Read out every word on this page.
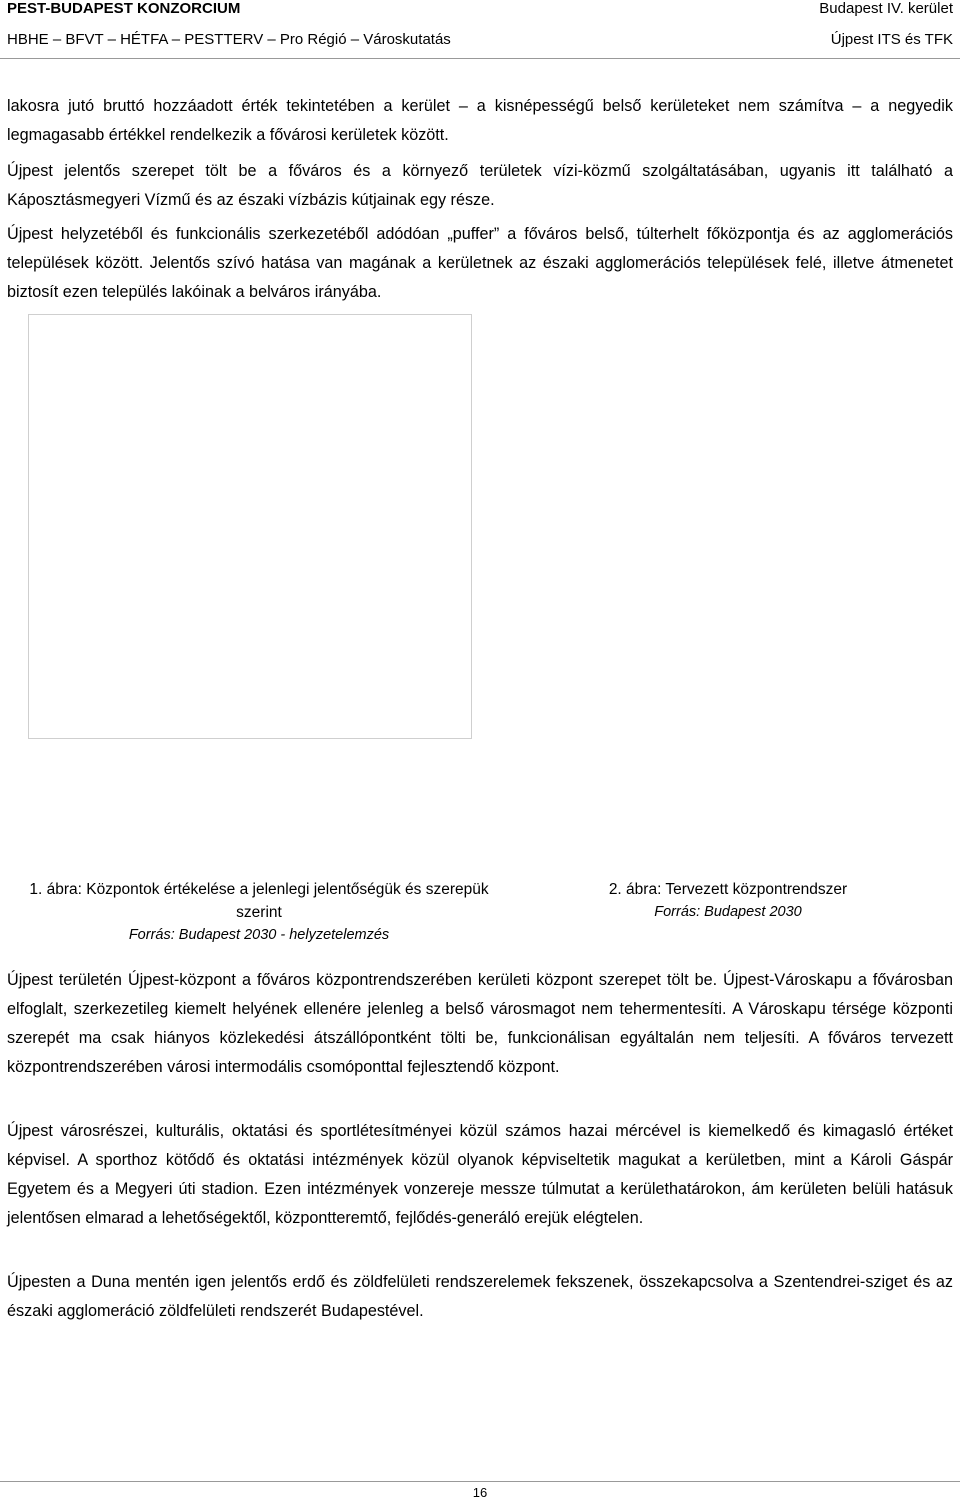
PEST-BUDAPEST KONZORCIUM
HBHE – BFVT – HÉTFA – PESTTERV – Pro Régió – Városkutatás
Budapest IV. kerület
Újpest ITS és TFK

lakosra jutó bruttó hozzáadott érték tekintetében a kerület – a kisnépességű belső kerületeket nem számítva – a negyedik legmagasabb értékkel rendelkezik a fővárosi kerületek között.

Újpest jelentős szerepet tölt be a főváros és a környező területek vízi-közmű szolgáltatásában, ugyanis itt található a Káposztásmegyeri Vízmű és az északi vízbázis kútjainak egy része.

Újpest helyzetéből és funkcionális szerkezetéből adódóan „puffer” a főváros belső, túlterhelt főközpontja és az agglomerációs települések között. Jelentős szívó hatása van magának a kerületnek az északi agglomerációs települések felé, illetve átmenetet biztosít ezen település lakóinak a belváros irányába.

1. ábra: Központok értékelése a jelenlegi jelentőségük és szerepük szerint
Forrás: Budapest 2030 - helyzetelemzés
2. ábra: Tervezett központrendszer
Forrás: Budapest 2030

Újpest területén Újpest-központ a főváros központrendszerében kerületi központ szerepet tölt be. Újpest-Városkapu a fővárosban elfoglalt, szerkezetileg kiemelt helyének ellenére jelenleg a belső városmagot nem tehermentesíti. A Városkapu térsége központi szerepét ma csak hiányos közlekedési átszállópontként tölti be, funkcionálisan egyáltalán nem teljesíti. A főváros tervezett központrendszerében városi intermodális csomóponttal fejlesztendő központ.

Újpest városrészei, kulturális, oktatási és sportlétesítményei közül számos hazai mércével is kiemelkedő és kimagasló értéket képvisel. A sporthoz kötődő és oktatási intézmények közül olyanok képviseltetik magukat a kerületben, mint a Károli Gáspár Egyetem és a Megyeri úti stadion. Ezen intézmények vonzereje messze túlmutat a kerülethatárokon, ám kerületen belüli hatásuk jelentősen elmarad a lehetőségektől, központteremtő, fejlődés-generáló erejük elégtelen.

Újpesten a Duna mentén igen jelentős erdő és zöldfelületi rendszerelemek fekszenek, összekapcsolva a Szentendrei-sziget és az északi agglomeráció zöldfelületi rendszerét Budapestével.

16
